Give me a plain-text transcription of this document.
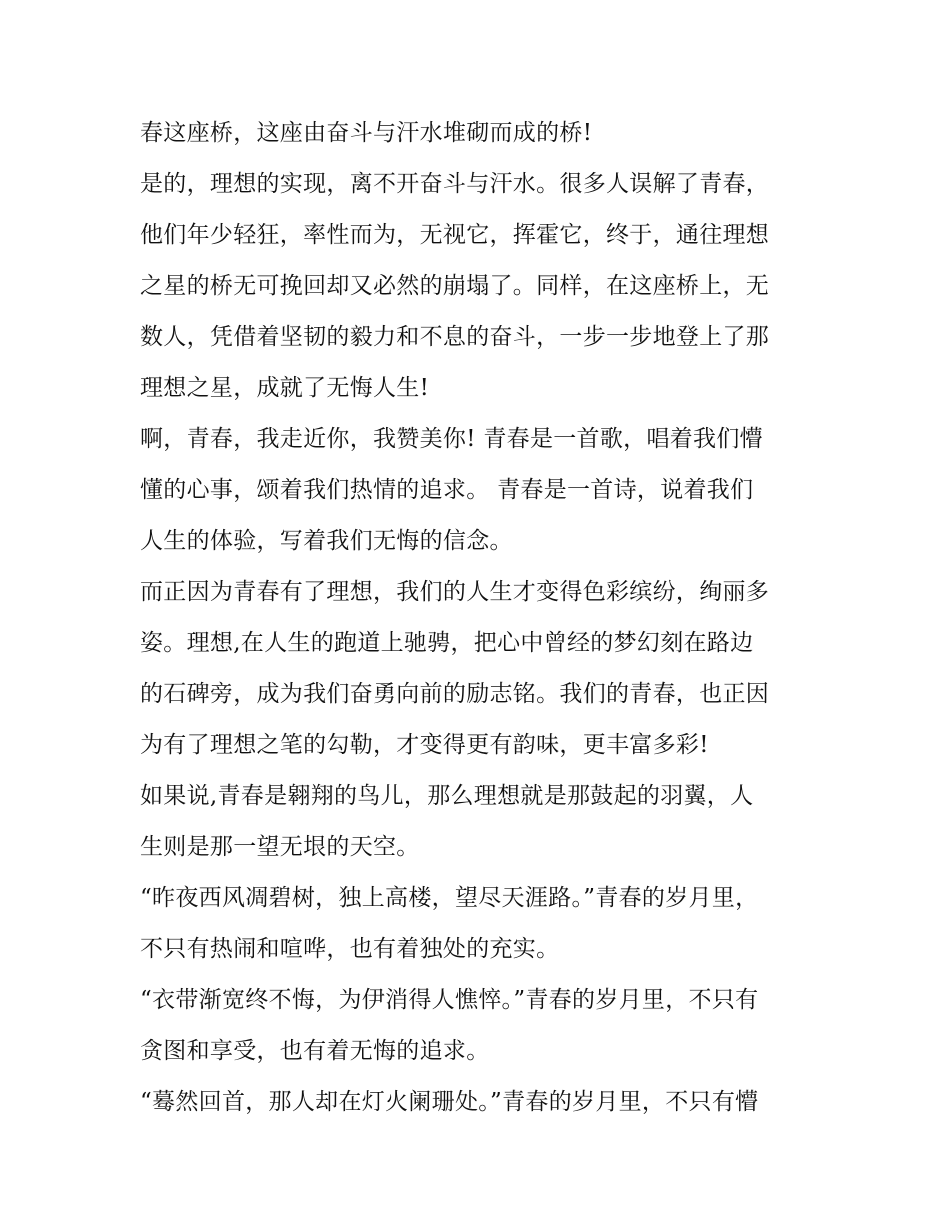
春这座桥，这座由奋斗与汗水堆砌而成的桥!
是的，理想的实现，离不开奋斗与汗水。很多人误解了青春，
他们年少轻狂，率性而为，无视它，挥霍它，终于，通往理想
之星的桥无可挽回却又必然的崩塌了。同样，在这座桥上，无
数人，凭借着坚韧的毅力和不息的奋斗，一步一步地登上了那
理想之星，成就了无悔人生!
啊，青春，我走近你，我赞美你! 青春是一首歌，唱着我们懵
懂的心事，颂着我们热情的追求。 青春是一首诗，说着我们
人生的体验，写着我们无悔的信念。
而正因为青春有了理想，我们的人生才变得色彩缤纷，绚丽多
姿。理想,在人生的跑道上驰骋，把心中曾经的梦幻刻在路边
的石碑旁，成为我们奋勇向前的励志铭。我们的青春，也正因
为有了理想之笔的勾勒，才变得更有韵味，更丰富多彩!
如果说,青春是翱翔的鸟儿，那么理想就是那鼓起的羽翼，人
生则是那一望无垠的天空。
“昨夜西风凋碧树，独上高楼，望尽天涯路。”青春的岁月里，
不只有热闹和喧哗，也有着独处的充实。
“衣带渐宽终不悔，为伊消得人憔悴。”青春的岁月里，不只有
贪图和享受，也有着无悔的追求。
“蓦然回首，那人却在灯火阑珊处。”青春的岁月里，不只有懵
